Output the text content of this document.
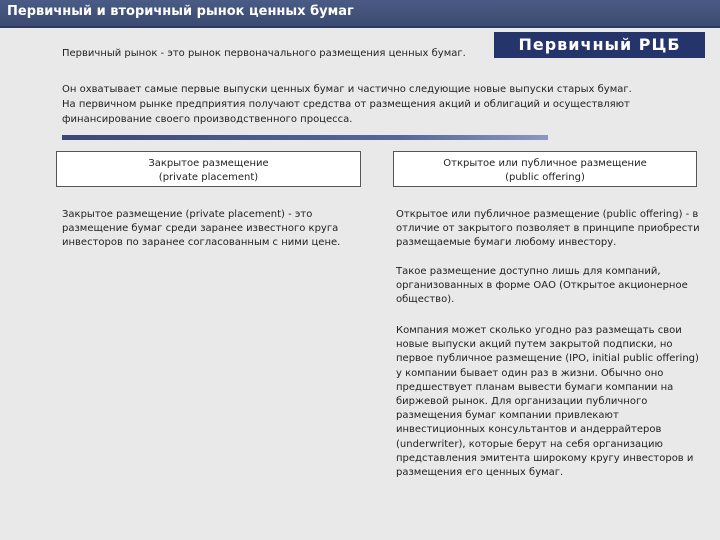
Первичный и вторичный рынок ценных бумаг
Первичный РЦБ
Первичный рынок - это рынок первоначального размещения ценных бумаг.
Он охватывает самые первые выпуски ценных бумаг и частично следующие новые выпуски старых бумаг.
На первичном рынке предприятия получают средства от размещения акций и облигаций и осуществляют
финансирование своего производственного процесса.
Закрытое размещение
(private placement)
Открытое или публичное размещение
(public offering)
Закрытое размещение (private placement) - это
размещение бумаг среди заранее известного круга
инвесторов по заранее согласованным с ними цене.
Открытое или публичное размещение (public offering) - в
отличие от закрытого позволяет в принципе приобрести
размещаемые бумаги любому инвестору.
Такое размещение доступно лишь для компаний,
организованных в форме ОАО (Открытое акционерное
общество).
Компания может сколько угодно раз размещать свои
новые выпуски акций путем закрытой подписки, но
первое публичное размещение (IPO, initial public offering)
у компании бывает один раз в жизни. Обычно оно
предшествует планам вывести бумаги компании на
биржевой рынок. Для организации публичного
размещения бумаг компании привлекают
инвестиционных консультантов и андеррайтеров
(underwriter), которые берут на себя организацию
представления эмитента широкому кругу инвесторов и
размещения его ценных бумаг.
